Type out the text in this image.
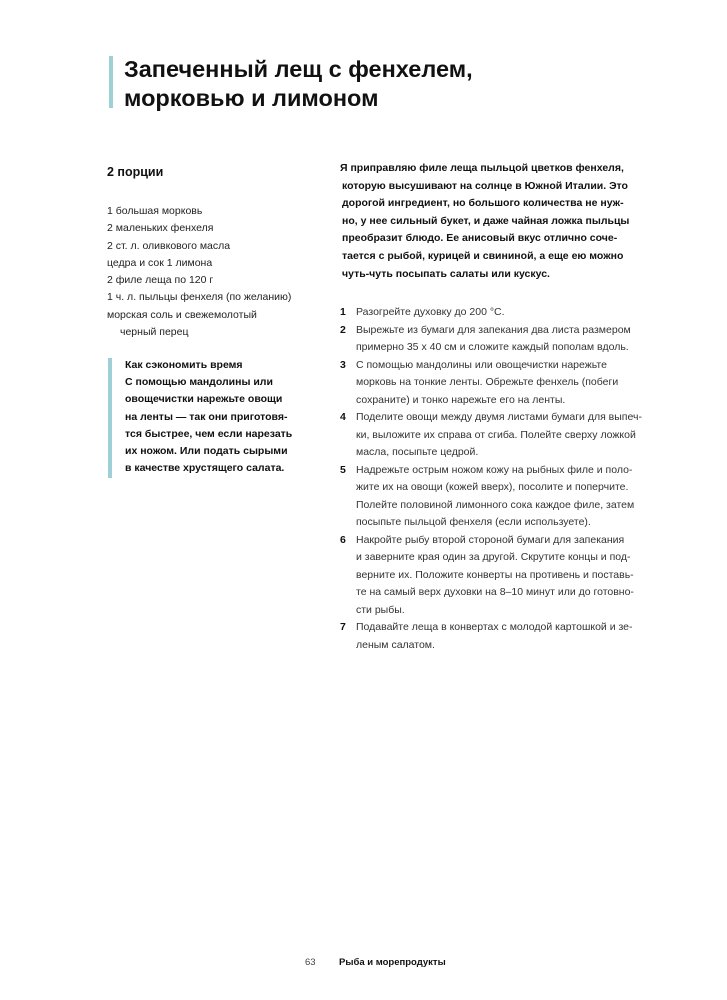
Запеченный лещ с фенхелем,
морковью и лимоном
2 порции
1 большая морковь
2 маленьких фенхеля
2 ст. л. оливкового масла
цедра и сок 1 лимона
2 филе леща по 120 г
1 ч. л. пыльцы фенхеля (по желанию)
морская соль и свежемолотый
черный перец
Как сэкономить время

С помощью мандолины или
овощечистки нарежьте овощи
на ленты — так они приготовя-
тся быстрее, чем если нарезать
их ножом. Или подать сырыми
в качестве хрустящего салата.

Я приправляю филе леща пыльцой цветков фенхеля,
которую высушивают на солнце в Южной Италии. Это
дорогой ингредиент, но большого количества не нуж-
но, у нее сильный букет, и даже чайная ложка пыльцы
преобразит блюдо. Ее анисовый вкус отлично соче-
тается с рыбой, курицей и свининой, а еще ею можно
чуть-чуть посыпать салаты или кускус.

1 Разогрейте духовку до 200 °С.
2 Вырежьте из бумаги для запекания два листа размером
примерно 35 х 40 см и сложите каждый пополам вдоль.
3 С помощью мандолины или овощечистки нарежьте
морковь на тонкие ленты. Обрежьте фенхель (побеги
сохраните) и тонко нарежьте его на ленты.
4 Поделите овощи между двумя листами бумаги для выпеч-
ки, выложите их справа от сгиба. Полейте сверху ложкой
масла, посыпьте цедрой.
5 Надрежьте острым ножом кожу на рыбных филе и поло-
жите их на овощи (кожей вверх), посолите и поперчите.
Полейте половиной лимонного сока каждое филе, затем
посыпьте пыльцой фенхеля (если используете).
6 Накройте рыбу второй стороной бумаги для запекания
и заверните края один за другой. Скрутите концы и под-
верните их. Положите конверты на противень и поставь-
те на самый верх духовки на 8–10 минут или до готовно-
сти рыбы.
7 Подавайте леща в конвертах с молодой картошкой и зе-
леным салатом.
63 Рыба и морепродукты
